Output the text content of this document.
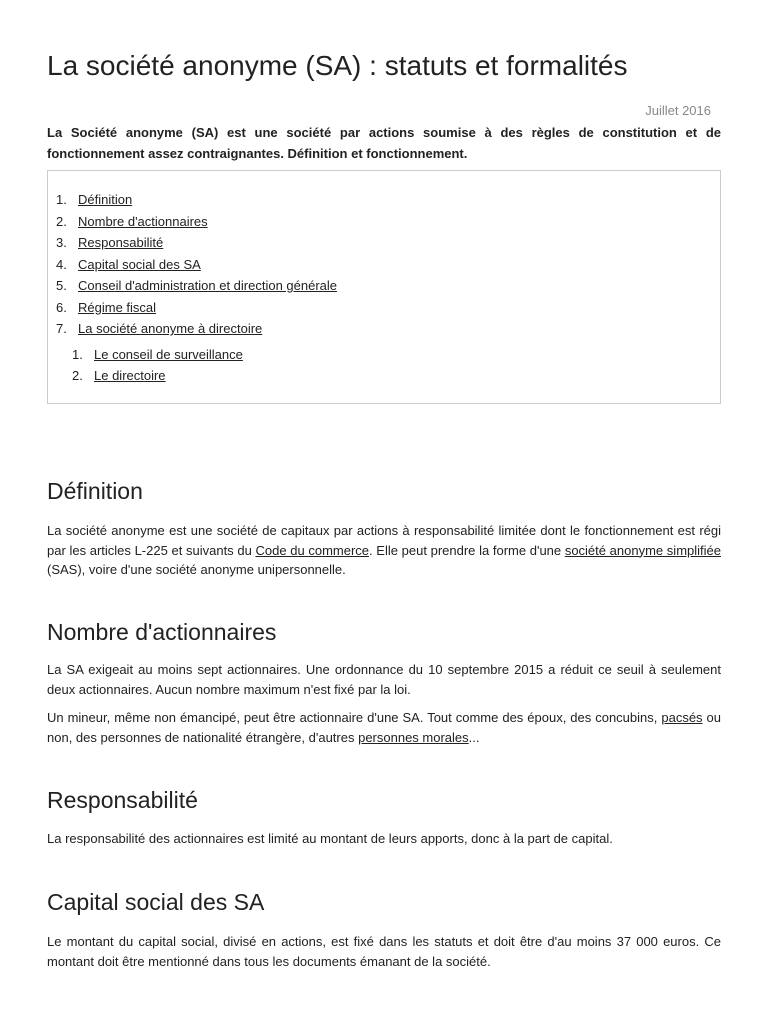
La société anonyme (SA) : statuts et formalités
Juillet 2016

La Société anonyme (SA) est une société par actions soumise à des règles de constitution et de fonctionnement assez contraignantes. Définition et fonctionnement.

1. Définition
2. Nombre d'actionnaires
3. Responsabilité
4. Capital social des SA
5. Conseil d'administration et direction générale
6. Régime fiscal
7. La société anonyme à directoire
1. Le conseil de surveillance
2. Le directoire
Définition

La société anonyme est une société de capitaux par actions à responsabilité limitée dont le fonctionnement est régi par les articles L-225 et suivants du Code du commerce. Elle peut prendre la forme d'une société anonyme simplifiée (SAS), voire d'une société anonyme unipersonnelle.

Nombre d'actionnaires

La SA exigeait au moins sept actionnaires. Une ordonnance du 10 septembre 2015 a réduit ce seuil à seulement deux actionnaires. Aucun nombre maximum n'est fixé par la loi.

Un mineur, même non émancipé, peut être actionnaire d'une SA. Tout comme des époux, des concubins, pacsés ou non, des personnes de nationalité étrangère, d'autres personnes morales...

Responsabilité

La responsabilité des actionnaires est limité au montant de leurs apports, donc à la part de capital.

Capital social des SA

Le montant du capital social, divisé en actions, est fixé dans les statuts et doit être d'au moins 37 000 euros. Ce montant doit être mentionné dans tous les documents émanant de la société.
